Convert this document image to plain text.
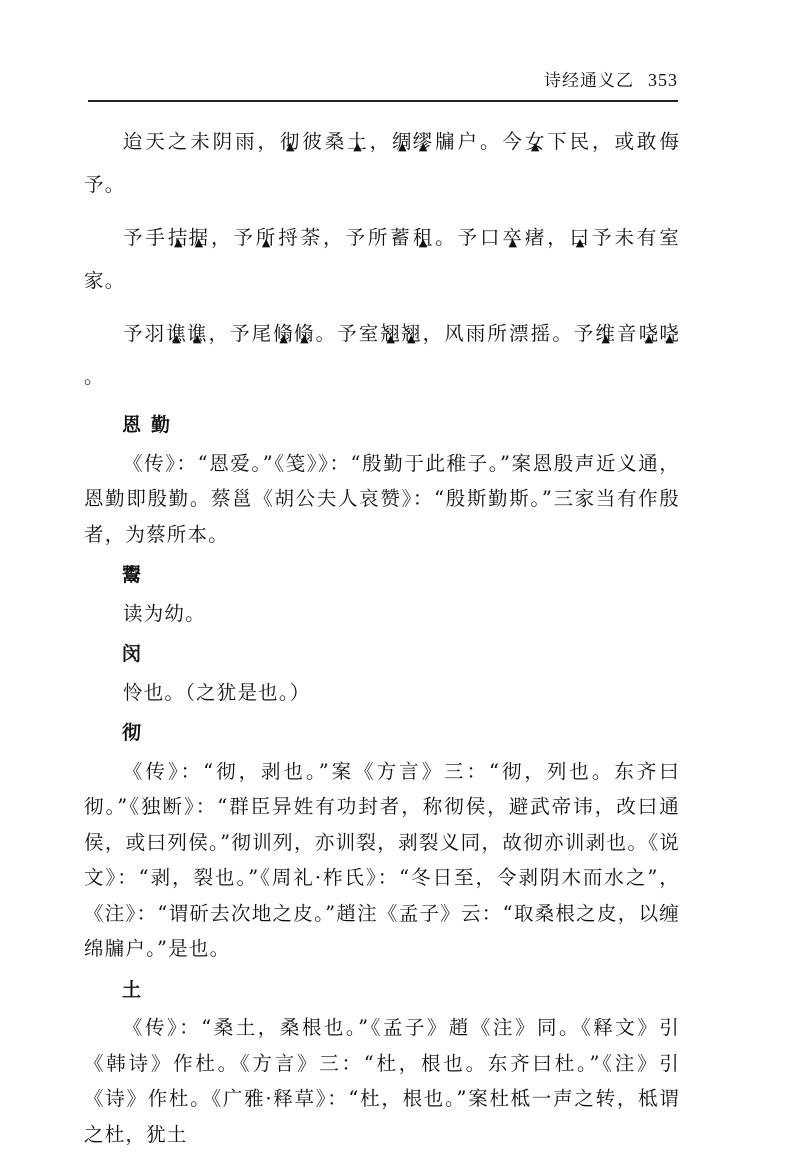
诗经通义乙 353

迨天之未阴雨，彻 ▲彼桑土 ▲，绸 ▲缪 ▲牖户。今女 ▲下民，或敢侮予。

予手拮 ▲据 ▲，予所 ▲捋荼，予所蓄租 ▲。予口卒 ▲瘏，曰 ▲予未有室家。

予羽谯 ▲谯 ▲，予尾翛 ▲翛 ▲。予室翘 ▲翘 ▲，风雨所漂摇。予维 ▲音哓 ▲哓 ▲。

恩勤

《传》：“恩爱。”《笺》》：“殷勤于此稚子。”案恩殷声近义通，恩勤即殷勤。蔡邕《胡公夫人哀赞》：“殷斯勤斯。”三家当有作殷者，为蔡所本。

鬻

读为幼。

闵

怜也。（之犹是也。）

彻

《传》：“彻，剥也。”案《方言》三：“彻，列也。东齐曰彻。”《独断》：“群臣异姓有功封者，称彻侯，避武帝讳，改曰通侯，或曰列侯。”彻训列，亦训裂，剥裂义同，故彻亦训剥也。《说文》：“剥，裂也。”《周礼·柞氏》：“冬日至，令剥阴木而水之”，《注》：“谓斫去次地之皮。”趙注《孟子》云：“取桑根之皮，以缠绵牖户。”是也。

土

《传》：“桑土，桑根也。”《孟子》趙《注》同。《释文》引《韩诗》作杜。《方言》三：“杜，根也。东齐曰杜。”《注》引《诗》作杜。《广雅·释草》：“杜，根也。”案杜柢一声之转，柢谓之杜，犹土
